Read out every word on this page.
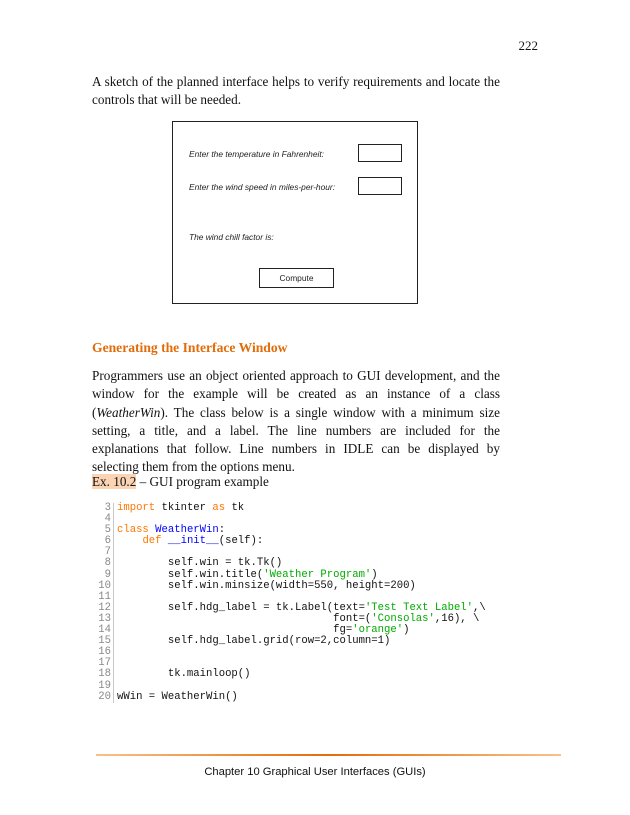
222
A sketch of the planned interface helps to verify requirements and locate the controls that will be needed.
Enter the temperature in Fahrenheit:
Enter the wind speed in miles-per-hour:
The wind chill factor is:
Compute
Generating the Interface Window
Programmers use an object oriented approach to GUI development, and the window for the example will be created as an instance of a class (WeatherWin). The class below is a single window with a minimum size setting, a title, and a label. The line numbers are included for the explanations that follow. Line numbers in IDLE can be displayed by selecting them from the options menu.
Ex. 10.2 – GUI program example
3 import tkinter as tk
4
5 class WeatherWin:
6	def __init__(self):
7
8        self.win = tk.Tk()
9        self.win.title('Weather Program')
10        self.win.minsize(width=550, height=200)
11
12        self.hdg_label = tk.Label(text='Test Text Label',\
13                                  font=('Consolas',16), \
14                                  fg='orange')
15        self.hdg_label.grid(row=2,column=1)
16
17
18        tk.mainloop()
19
20 wWin = WeatherWin()
Chapter 10 Graphical User Interfaces (GUIs)
